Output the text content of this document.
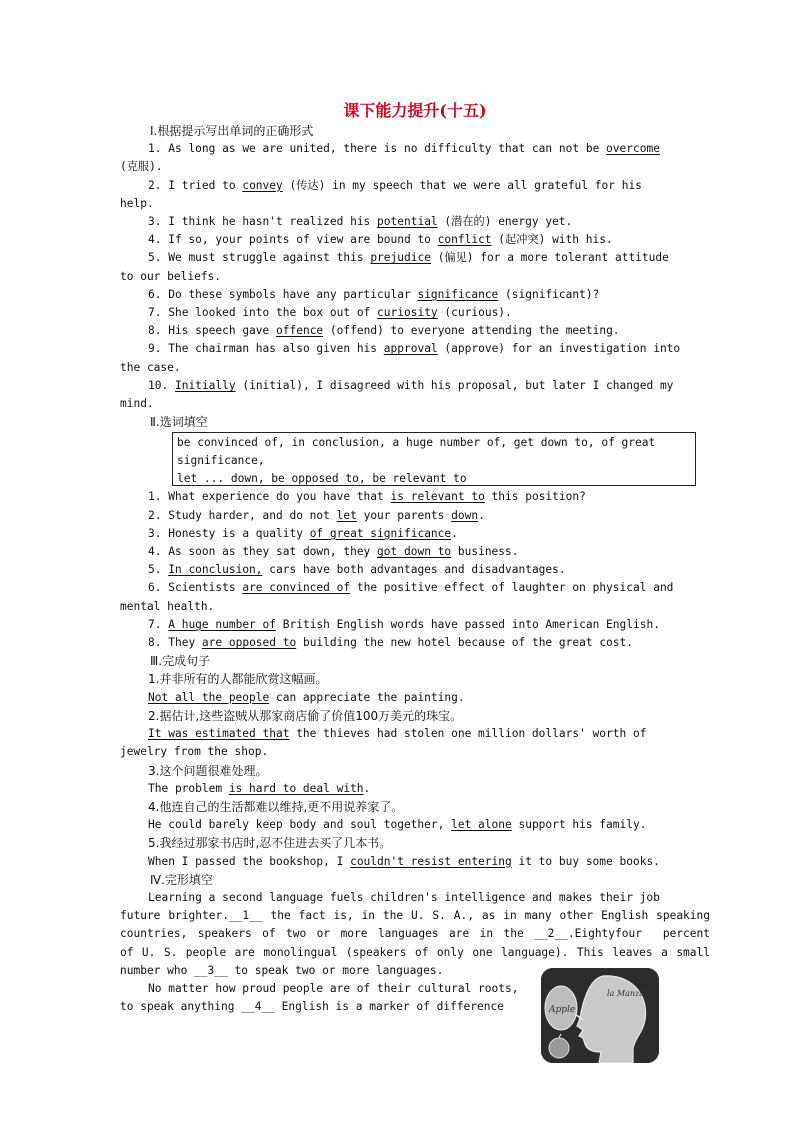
课下能力提升(十五)
Ⅰ.根据提示写出单词的正确形式
1. As long as we are united, there is no difficulty that can not be overcome
(克服).
2. I tried to convey (传达) in my speech that we were all grateful for his
help.
3. I think he hasn't realized his potential (潜在的) energy yet.
4. If so, your points of view are bound to conflict (起冲突) with his.
5. We must struggle against this prejudice (偏见) for a more tolerant attitude
to our beliefs.
6. Do these symbols have any particular significance (significant)?
7. She looked into the box out of curiosity (curious).
8. His speech gave offence (offend) to everyone attending the meeting.
9. The chairman has also given his approval (approve) for an investigation into
the case.
10. Initially (initial), I disagreed with his proposal, but later I changed my
mind.
Ⅱ.选词填空
be convinced of, in conclusion, a huge number of, get down to, of great
significance,
let ... down, be opposed to, be relevant to
1. What experience do you have that is relevant to this position?
2. Study harder, and do not let your parents down.
3. Honesty is a quality of great significance.
4. As soon as they sat down, they got down to business.
5. In conclusion, cars have both advantages and disadvantages.
6. Scientists are convinced of the positive effect of laughter on physical and
mental health.
7. A huge number of British English words have passed into American English.
8. They are opposed to building the new hotel because of the great cost.
Ⅲ.完成句子
1.并非所有的人都能欣赏这幅画。
Not all the people can appreciate the painting.
2.据估计,这些盗贼从那家商店偷了价值100万美元的珠宝。
It was estimated that the thieves had stolen one million dollars' worth of
jewelry from the shop.
3.这个问题很难处理。
The problem is hard to deal with.
4.他连自己的生活都难以维持,更不用说养家了。
He could barely keep body and soul together, let alone support his family.
5.我经过那家书店时,忍不住进去买了几本书。
When I passed the bookshop, I couldn't resist entering it to buy some books.
Ⅳ.完形填空
Learning a second language fuels children's intelligence and makes their job
future brighter.__1__ the fact is, in the U. S. A., as in many other English speaking
countries, speakers of two or more languages are in the __2__.Eightyfour  percent
of U. S. people are monolingual (speakers of only one language). This leaves a small
number who __3__ to speak two or more languages.
No matter how proud people are of their cultural roots,
to speak anything __4__ English is a marker of difference	Apple
la Manzana
